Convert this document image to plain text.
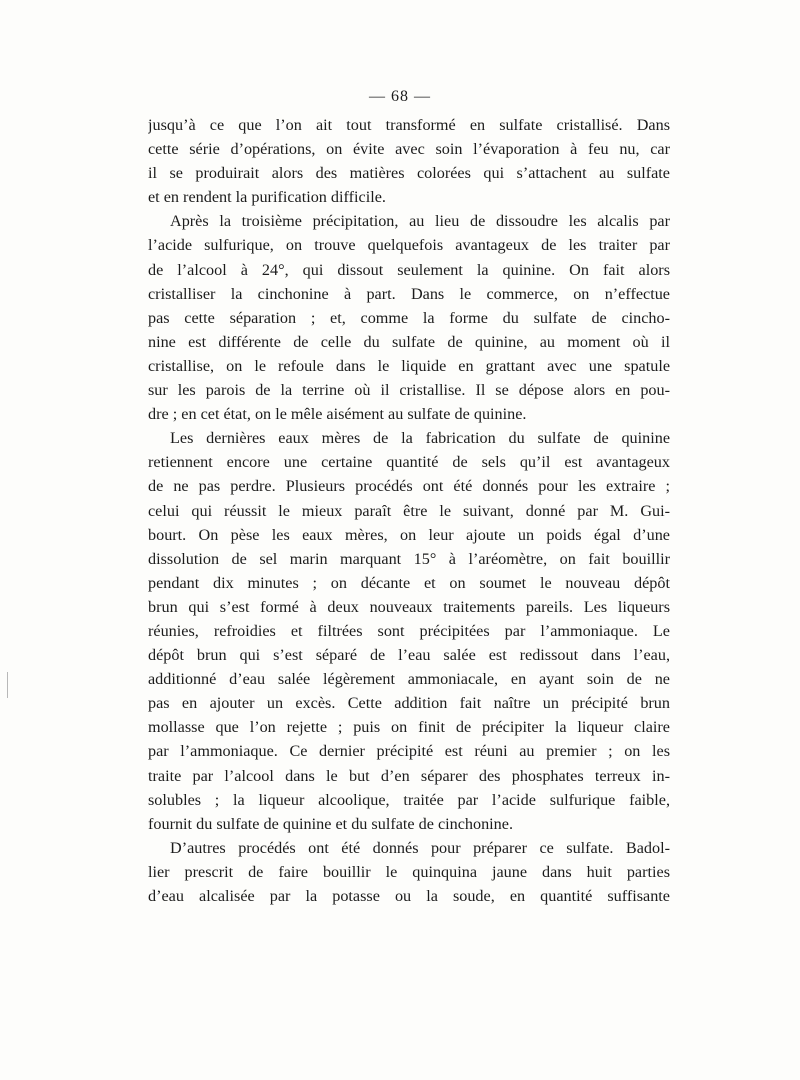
— 68 —
jusqu’à ce que l’on ait tout transformé en sulfate cristallisé. Dans
cette série d’opérations, on évite avec soin l’évaporation à feu nu, car
il se produirait alors des matières colorées qui s’attachent au sulfate
et en rendent la purification difficile.
Après la troisième précipitation, au lieu de dissoudre les alcalis par
l’acide sulfurique, on trouve quelquefois avantageux de les traiter par
de l’alcool à 24°, qui dissout seulement la quinine. On fait alors
cristalliser la cinchonine à part. Dans le commerce, on n’effectue
pas cette séparation ; et, comme la forme du sulfate de cincho-
nine est différente de celle du sulfate de quinine, au moment où il
cristallise, on le refoule dans le liquide en grattant avec une spatule
sur les parois de la terrine où il cristallise. Il se dépose alors en pou-
dre ; en cet état, on le mêle aisément au sulfate de quinine.
Les dernières eaux mères de la fabrication du sulfate de quinine
retiennent encore une certaine quantité de sels qu’il est avantageux
de ne pas perdre. Plusieurs procédés ont été donnés pour les extraire ;
celui qui réussit le mieux paraît être le suivant, donné par M. Gui-
bourt. On pèse les eaux mères, on leur ajoute un poids égal d’une
dissolution de sel marin marquant 15° à l’aréomètre, on fait bouillir
pendant dix minutes ; on décante et on soumet le nouveau dépôt
brun qui s’est formé à deux nouveaux traitements pareils. Les liqueurs
réunies, refroidies et filtrées sont précipitées par l’ammoniaque. Le
dépôt brun qui s’est séparé de l’eau salée est redissout dans l’eau,
additionné d’eau salée légèrement ammoniacale, en ayant soin de ne
pas en ajouter un excès. Cette addition fait naître un précipité brun
mollasse que l’on rejette ; puis on finit de précipiter la liqueur claire
par l’ammoniaque. Ce dernier précipité est réuni au premier ; on les
traite par l’alcool dans le but d’en séparer des phosphates terreux in-
solubles ; la liqueur alcoolique, traitée par l’acide sulfurique faible,
fournit du sulfate de quinine et du sulfate de cinchonine.
D’autres procédés ont été donnés pour préparer ce sulfate. Badol-
lier prescrit de faire bouillir le quinquina jaune dans huit parties
d’eau alcalisée par la potasse ou la soude, en quantité suffisante
